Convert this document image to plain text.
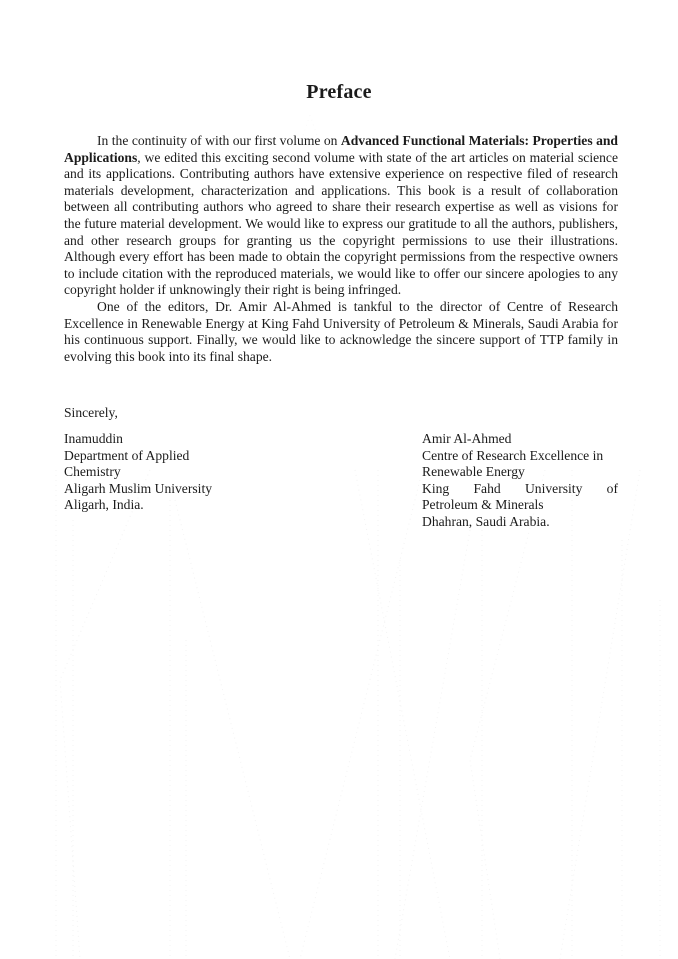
Preface

In the continuity of with our first volume on Advanced Functional Materials: Properties and Applications, we edited this exciting second volume with state of the art articles on material science and its applications. Contributing authors have extensive experience on respective filed of research materials development, characterization and applications. This book is a result of collaboration between all contributing authors who agreed to share their research expertise as well as visions for the future material development. We would like to express our gratitude to all the authors, publishers, and other research groups for granting us the copyright permissions to use their illustrations. Although every effort has been made to obtain the copyright permissions from the respective owners to include citation with the reproduced materials, we would like to offer our sincere apologies to any copyright holder if unknowingly their right is being infringed.

One of the editors, Dr. Amir Al-Ahmed is tankful to the director of Centre of Research Excellence in Renewable Energy at King Fahd University of Petroleum & Minerals, Saudi Arabia for his continuous support. Finally, we would like to acknowledge the sincere support of TTP family in evolving this book into its final shape.

Sincerely,

Inamuddin
Department of Applied
Chemistry
Aligarh Muslim University
Aligarh, India.
Amir Al-Ahmed
Centre of Research Excellence in
Renewable Energy
King Fahd University of
Petroleum & Minerals
Dhahran, Saudi Arabia.
